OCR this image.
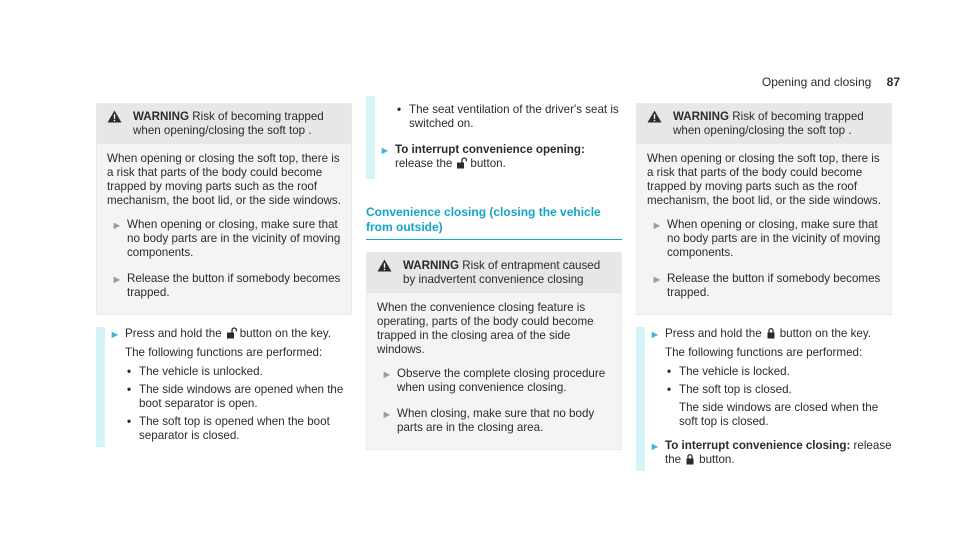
Opening and closing 87

WARNING Risk of becoming trapped when opening/closing the soft top .

When opening or closing the soft top, there is a risk that parts of the body could become trapped by moving parts such as the roof mechanism, the boot lid, or the side windows.

► When opening or closing, make sure that no body parts are in the vicinity of moving components.
► Release the button if somebody becomes trapped.
► Press and hold the button on the key.

The following functions are performed:

• The vehicle is unlocked.
• The side windows are opened when the boot separator is open.
• The soft top is opened when the boot separator is closed.
• The seat ventilation of the driver's seat is switched on.
► To interrupt convenience opening: release the button.

Convenience closing (closing the vehicle from outside)

WARNING Risk of entrapment caused by inadvertent convenience closing

When the convenience closing feature is operating, parts of the body could become trapped in the closing area of the side windows.

► Observe the complete closing procedure when using convenience closing.
► When closing, make sure that no body parts are in the closing area.

WARNING Risk of becoming trapped when opening/closing the soft top .

When opening or closing the soft top, there is a risk that parts of the body could become trapped by moving parts such as the roof mechanism, the boot lid, or the side windows.

► When opening or closing, make sure that no body parts are in the vicinity of moving components.
► Release the button if somebody becomes trapped.
► Press and hold the button on the key.

The following functions are performed:

• The vehicle is locked.
• The soft top is closed.
The side windows are closed when the soft top is closed.
► To interrupt convenience closing: release the button.
